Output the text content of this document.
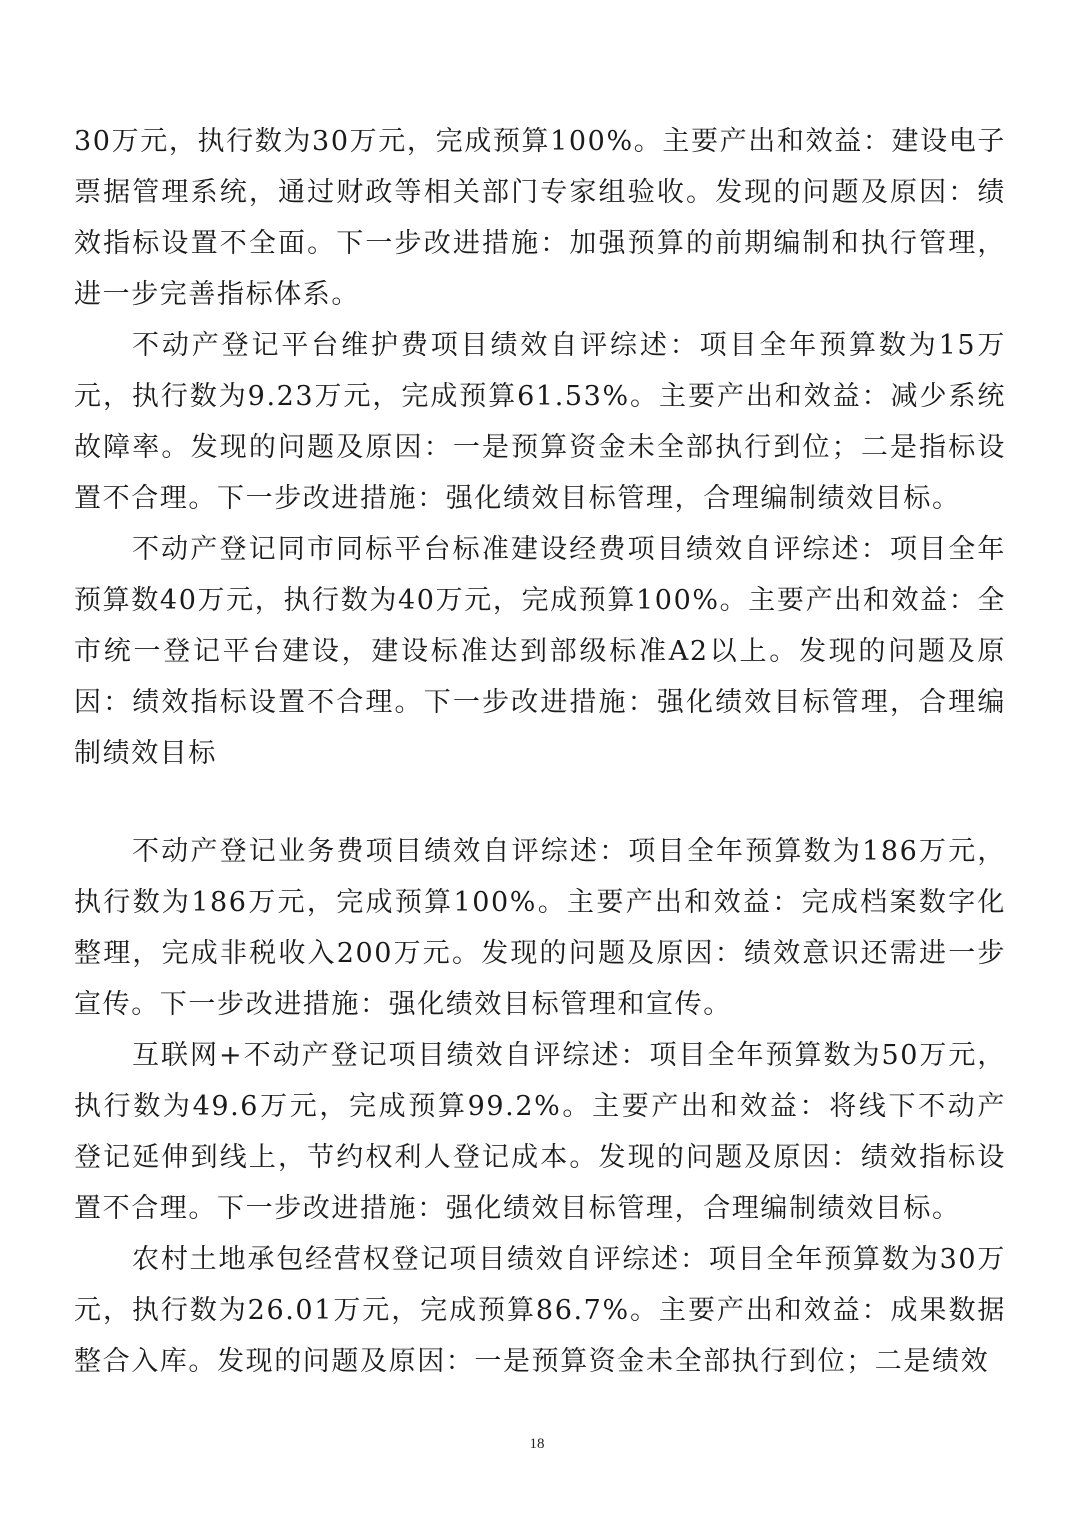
30万元，执行数为30万元，完成预算100%。主要产出和效益：建设电子票据管理系统，通过财政等相关部门专家组验收。发现的问题及原因：绩效指标设置不全面。下一步改进措施：加强预算的前期编制和执行管理，进一步完善指标体系。

不动产登记平台维护费项目绩效自评综述：项目全年预算数为15万元，执行数为9.23万元，完成预算61.53%。主要产出和效益：减少系统故障率。发现的问题及原因：一是预算资金未全部执行到位；二是指标设置不合理。下一步改进措施：强化绩效目标管理，合理编制绩效目标。

不动产登记同市同标平台标准建设经费项目绩效自评综述：项目全年预算数40万元，执行数为40万元，完成预算100%。主要产出和效益：全市统一登记平台建设，建设标准达到部级标准A2以上。发现的问题及原因：绩效指标设置不合理。下一步改进措施：强化绩效目标管理，合理编制绩效目标

不动产登记业务费项目绩效自评综述：项目全年预算数为186万元，执行数为186万元，完成预算100%。主要产出和效益：完成档案数字化整理，完成非税收入200万元。发现的问题及原因：绩效意识还需进一步宣传。下一步改进措施：强化绩效目标管理和宣传。

互联网+不动产登记项目绩效自评综述：项目全年预算数为50万元，执行数为49.6万元，完成预算99.2%。主要产出和效益：将线下不动产登记延伸到线上，节约权利人登记成本。发现的问题及原因：绩效指标设置不合理。下一步改进措施：强化绩效目标管理，合理编制绩效目标。

农村土地承包经营权登记项目绩效自评综述：项目全年预算数为30万元，执行数为26.01万元，完成预算86.7%。主要产出和效益：成果数据整合入库。发现的问题及原因：一是预算资金未全部执行到位；二是绩效

18
